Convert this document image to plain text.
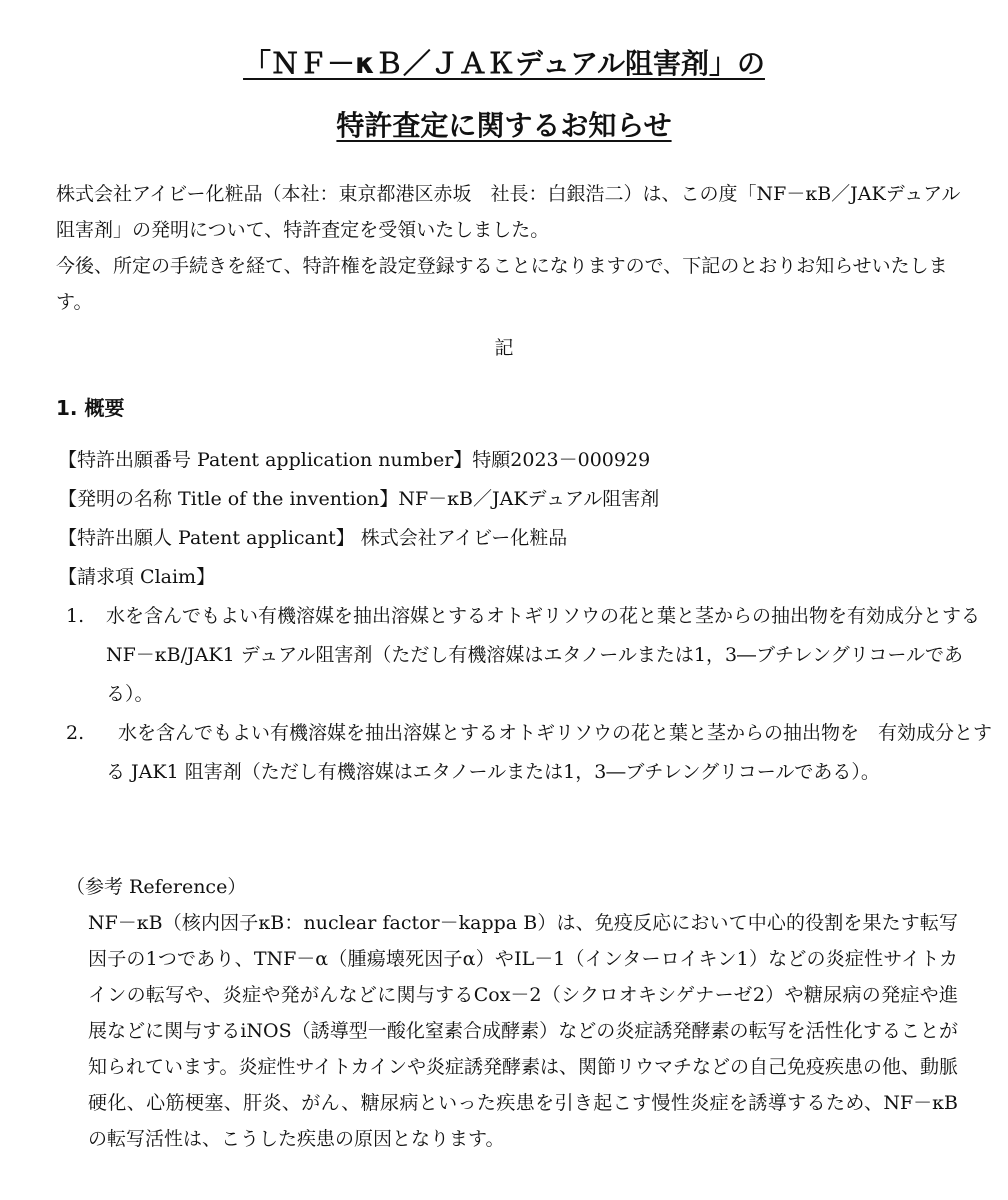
「ＮＦ－κＢ／ＪＡＫデュアル阻害剤」の
特許査定に関するお知らせ

株式会社アイビー化粧品（本社：東京都港区赤坂　社長：白銀浩二）は、この度「NF－κB／JAKデュアル阻害剤」の発明について、特許査定を受領いたしました。

今後、所定の手続きを経て、特許権を設定登録することになりますので、下記のとおりお知らせいたします。

記

1. 概要

【特許出願番号 Patent application number】特願2023－000929

【発明の名称 Title of the invention】NF－κB／JAKデュアル阻害剤

【特許出願人 Patent applicant】 株式会社アイビー化粧品

【請求項 Claim】

1. 水を含んでもよい有機溶媒を抽出溶媒とするオトギリソウの花と葉と茎からの抽出物を有効成分とするNF－κB/JAK1 デュアル阻害剤（ただし有機溶媒はエタノールまたは1，3―ブチレングリコールである）。
2.	水を含んでもよい有機溶媒を抽出溶媒とするオトギリソウの花と葉と茎からの抽出物を　有効成分とする JAK1 阻害剤（ただし有機溶媒はエタノールまたは1，3―ブチレングリコールである）。

（参考 Reference）

NF－κB（核内因子κB：nuclear factor－kappa B）は、免疫反応において中心的役割を果たす転写因子の1つであり、TNF－α（腫瘍壊死因子α）やIL－1（インターロイキン1）などの炎症性サイトカインの転写や、炎症や発がんなどに関与するCox－2（シクロオキシゲナーゼ2）や糖尿病の発症や進展などに関与するiNOS（誘導型一酸化窒素合成酵素）などの炎症誘発酵素の転写を活性化することが知られています。炎症性サイトカインや炎症誘発酵素は、関節リウマチなどの自己免疫疾患の他、動脈硬化、心筋梗塞、肝炎、がん、糖尿病といった疾患を引き起こす慢性炎症を誘導するため、NF－κBの転写活性は、こうした疾患の原因となります。
